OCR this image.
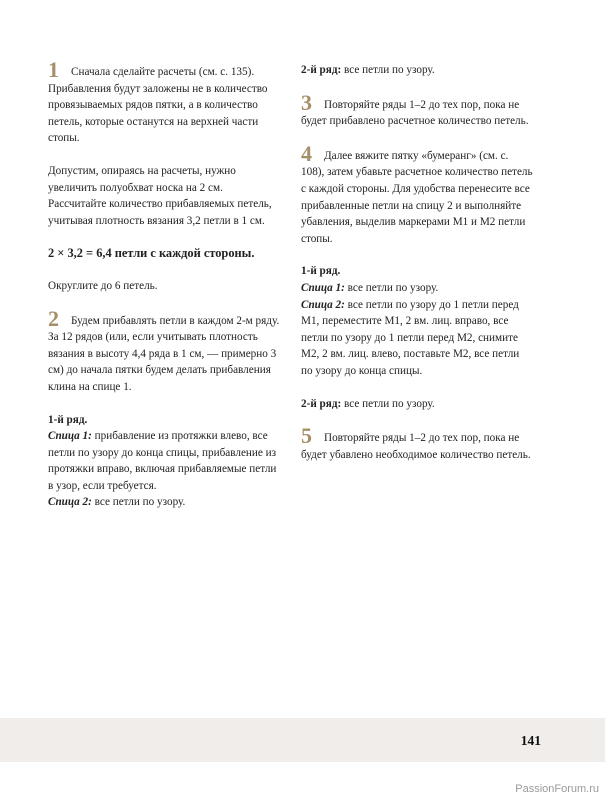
1 Сначала сделайте расчеты (см. с. 135). Прибавления будут заложены не в количество провязываемых рядов пятки, а в количество петель, которые останутся на верхней части стопы.

Допустим, опираясь на расчеты, нужно увеличить полуобхват носка на 2 см. Рассчитайте количество прибавляемых петель, учитывая плотность вязания 3,2 петли в 1 см.

2 × 3,2 = 6,4 петли с каждой стороны.

Округлите до 6 петель.

2 Будем прибавлять петли в каждом 2-м ряду. За 12 рядов (или, если учитывать плотность вязания в высоту 4,4 ряда в 1 см, — примерно 3 см) до начала пятки будем делать прибавления клина на спице 1.

1-й ряд.

Спица 1: прибавление из протяжки влево, все петли по узору до конца спицы, прибавление из протяжки вправо, включая прибавляемые петли в узор, если требуется.

Спица 2: все петли по узору.

2-й ряд: все петли по узору.

3 Повторяйте ряды 1–2 до тех пор, пока не будет прибавлено расчетное количество петель.

4 Далее вяжите пятку «бумеранг» (см. с. 108), затем убавьте расчетное количество петель с каждой стороны. Для удобства перенесите все прибавленные петли на спицу 2 и выполняйте убавления, выделив маркерами М1 и М2 петли стопы.

1-й ряд.

Спица 1: все петли по узору.

Спица 2: все петли по узору до 1 петли перед М1, переместите М1, 2 вм. лиц. вправо, все петли по узору до 1 петли перед М2, снимите М2, 2 вм. лиц. влево, поставьте М2, все петли по узору до конца спицы.

2-й ряд: все петли по узору.

5 Повторяйте ряды 1–2 до тех пор, пока не будет убавлено необходимое количество петель.

141
PassionForum.ru
